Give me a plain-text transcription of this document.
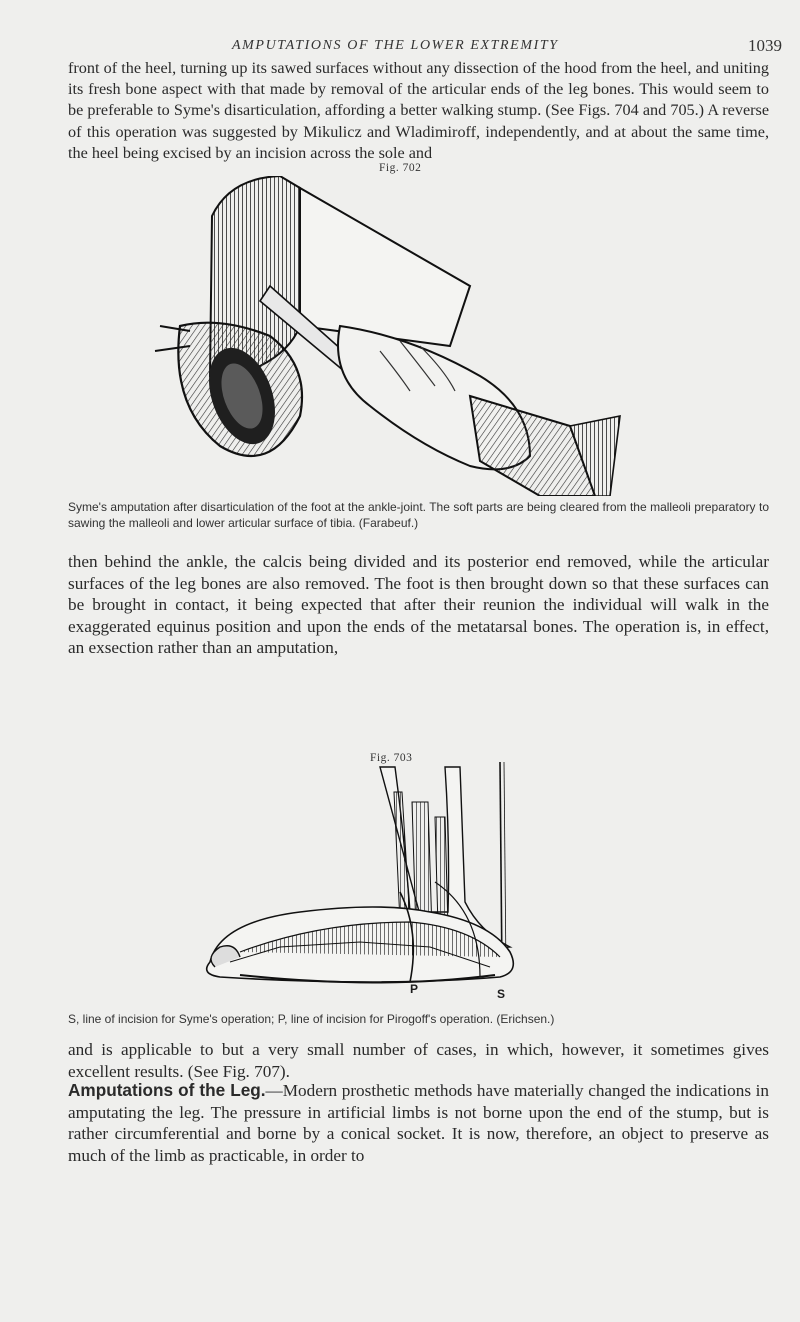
AMPUTATIONS OF THE LOWER EXTREMITY	1039

front of the heel, turning up its sawed surfaces without any dissection of the hood from the heel, and uniting its fresh bone aspect with that made by removal of the articular ends of the leg bones. This would seem to be preferable to Syme's disarticulation, affording a better walking stump. (See Figs. 704 and 705.) A reverse of this operation was suggested by Mikulicz and Wladimiroff, independently, and at about the same time, the heel being excised by an incision across the sole and

Fig. 702

Syme's amputation after disarticulation of the foot at the ankle-joint. The soft parts are being cleared from the malleoli preparatory to sawing the malleoli and lower articular surface of tibia. (Farabeuf.)

then behind the ankle, the calcis being divided and its posterior end removed, while the articular surfaces of the leg bones are also removed. The foot is then brought down so that these surfaces can be brought in contact, it being expected that after their reunion the individual will walk in the exaggerated equinus position and upon the ends of the metatarsal bones. The operation is, in effect, an exsection rather than an amputation,

Fig. 703

P	S

S, line of incision for Syme's operation; P, line of incision for Pirogoff's operation. (Erichsen.)

and is applicable to but a very small number of cases, in which, however, it sometimes gives excellent results. (See Fig. 707).

Amputations of the Leg.—Modern prosthetic methods have materially changed the indications in amputating the leg. The pressure in artificial limbs is not borne upon the end of the stump, but is rather circumferential and borne by a conical socket. It is now, therefore, an object to preserve as much of the limb as practicable, in order to
